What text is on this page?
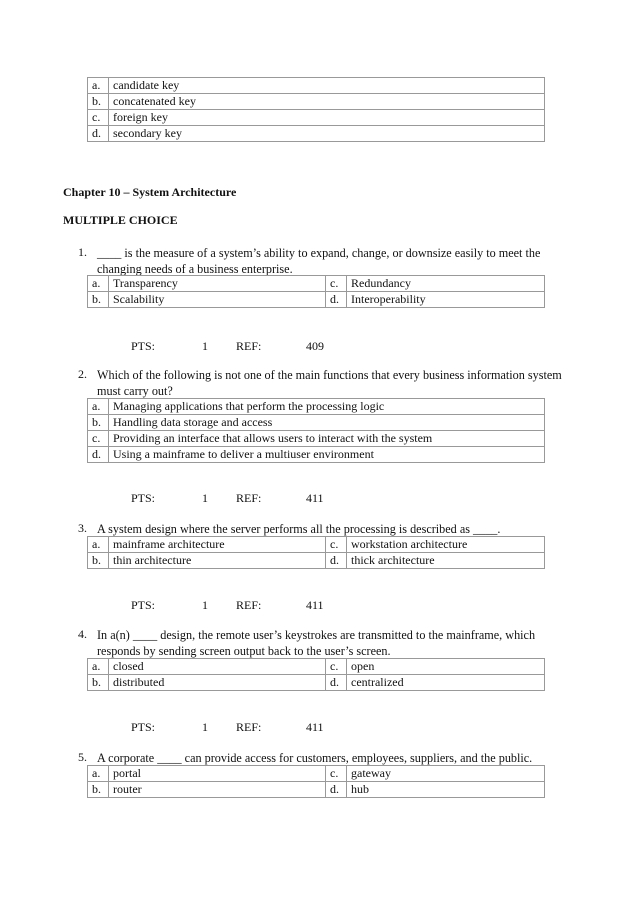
a.	candidate key
b.	concatenated key
c.	foreign key
d.	secondary key
Chapter 10 – System Architecture
MULTIPLE CHOICE
1. ____ is the measure of a system’s ability to expand, change, or downsize easily to meet the changing needs of a business enterprise.
a.	Transparency	c.	Redundancy
b.	Scalability	d.	Interoperability
PTS:	1 REF:	409
2. Which of the following is not one of the main functions that every business information system must carry out?
a.	Managing applications that perform the processing logic
b.	Handling data storage and access
c.	Providing an interface that allows users to interact with the system
d.	Using a mainframe to deliver a multiuser environment
PTS:	1 REF:	411
3. A system design where the server performs all the processing is described as ____.
a.	mainframe architecture	c.	workstation architecture
b.	thin architecture	d.	thick architecture
PTS:	1 REF:	411
4. In a(n) ____ design, the remote user’s keystrokes are transmitted to the mainframe, which responds by sending screen output back to the user’s screen.
a.	closed	c.	open
b.	distributed	d.	centralized
PTS:	1 REF:	411
5. A corporate ____ can provide access for customers, employees, suppliers, and the public.
a.	portal	c.	gateway
b.	router	d.	hub
